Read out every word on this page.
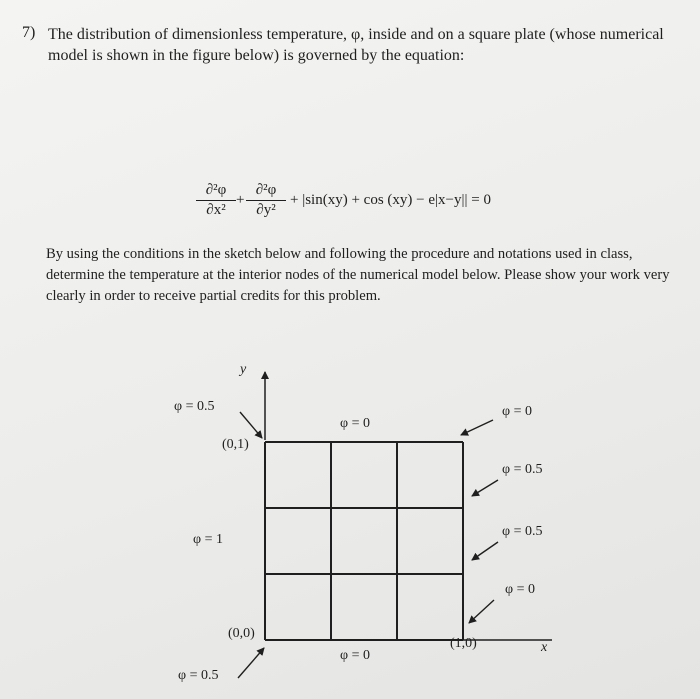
7) The distribution of dimensionless temperature, φ, inside and on a square plate (whose numerical model is shown in the figure below) is governed by the equation:
$\frac{\text{∂²φ}}{\text{∂x²}} + \frac{\text{∂²φ}}{\text{∂y²}} + |\sin(xy) + \cos (xy) - e|x-y|| = 0$
By using the conditions in the sketch below and following the procedure and notations used in class, determine the temperature at the interior nodes of the numerical model below. Please show your work very clearly in order to receive partial credits for this problem.
y
x
φ = 0.5
(0,1)
φ = 0
φ = 0
φ = 0.5
φ = 0.5
φ = 0
φ = 1
(0,0)
(1,0)
φ = 0
φ = 0.5
